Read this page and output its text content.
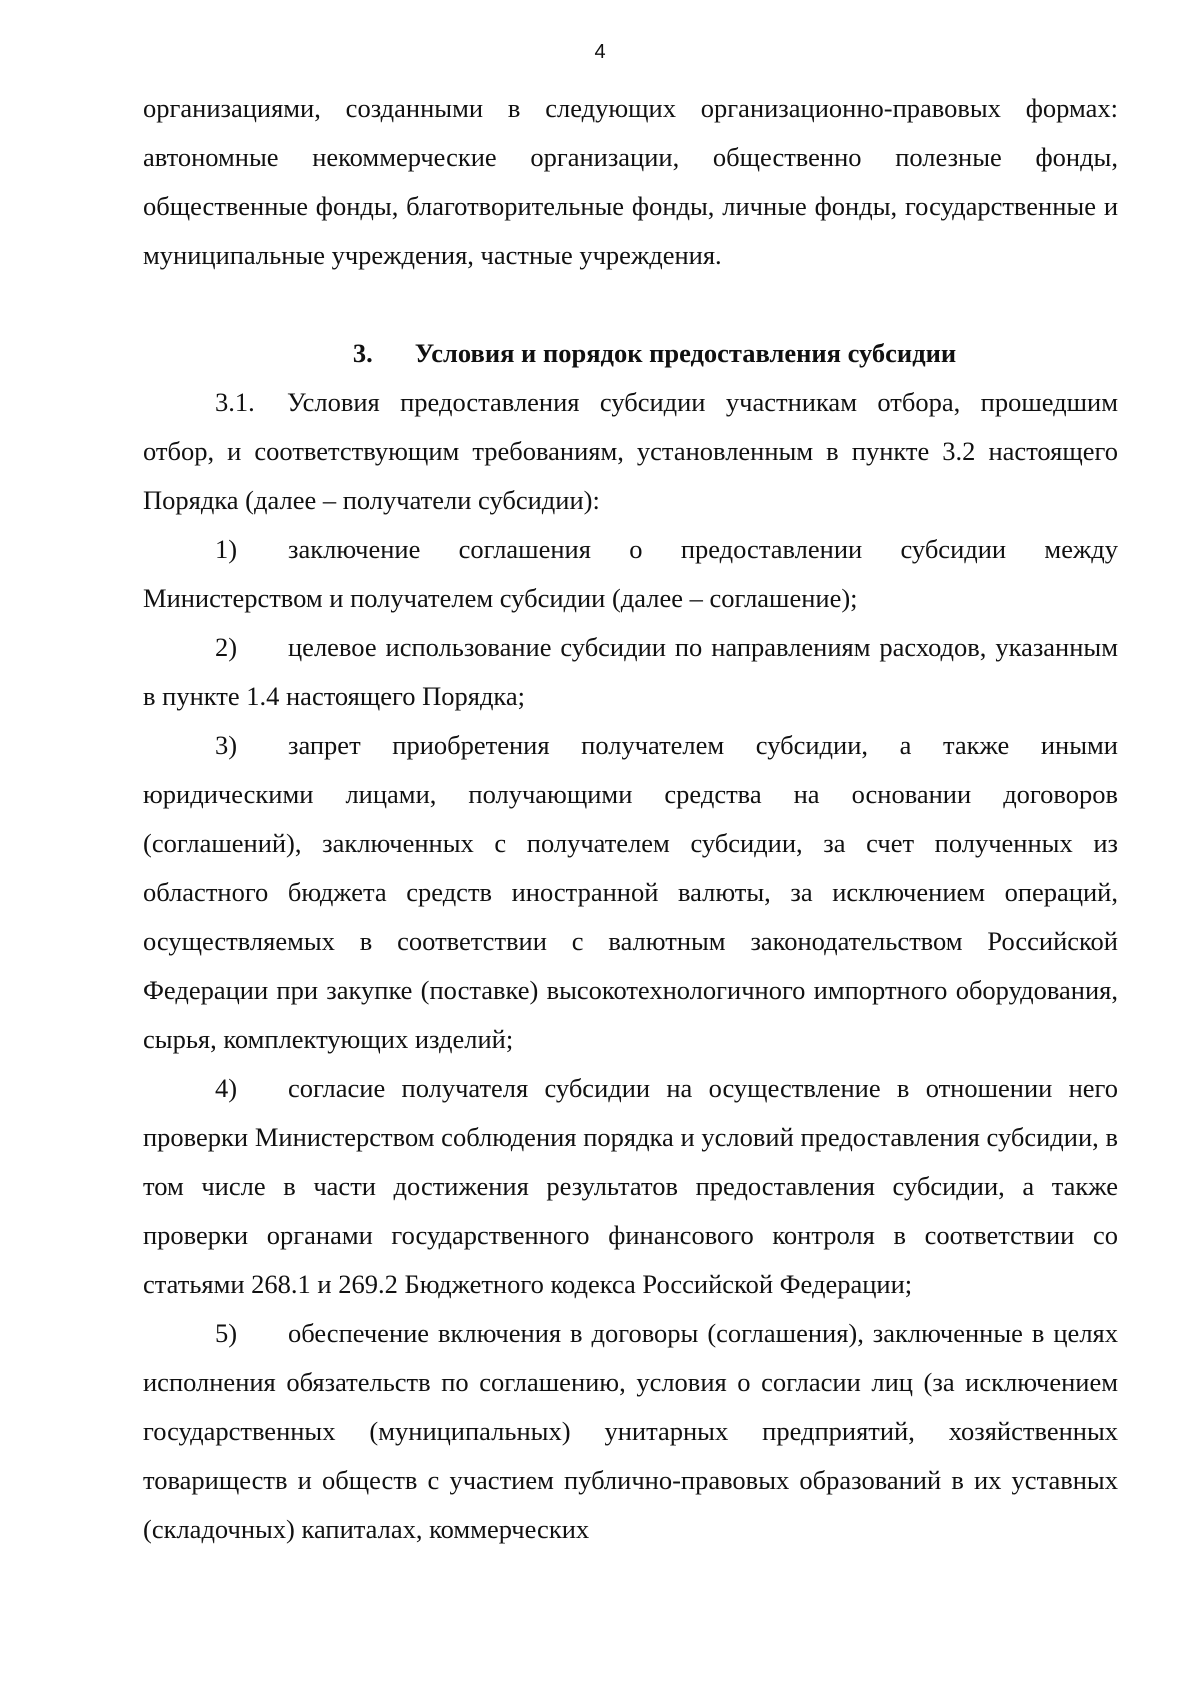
4

организациями, созданными в следующих организационно-правовых формах: автономные некоммерческие организации, общественно полезные фонды, общественные фонды, благотворительные фонды, личные фонды, государственные и муниципальные учреждения, частные учреждения.

3. Условия и порядок предоставления субсидии

3.1. Условия предоставления субсидии участникам отбора, прошедшим отбор, и соответствующим требованиям, установленным в пункте 3.2 настоящего Порядка (далее – получатели субсидии):

1) заключение соглашения о предоставлении субсидии между Министерством и получателем субсидии (далее – соглашение);

2) целевое использование субсидии по направлениям расходов, указанным в пункте 1.4 настоящего Порядка;

3) запрет приобретения получателем субсидии, а также иными юридическими лицами, получающими средства на основании договоров (соглашений), заключенных с получателем субсидии, за счет полученных из областного бюджета средств иностранной валюты, за исключением операций, осуществляемых в соответствии с валютным законодательством Российской Федерации при закупке (поставке) высокотехнологичного импортного оборудования, сырья, комплектующих изделий;

4) согласие получателя субсидии на осуществление в отношении него проверки Министерством соблюдения порядка и условий предоставления субсидии, в том числе в части достижения результатов предоставления субсидии, а также проверки органами государственного финансового контроля в соответствии со статьями 268.1 и 269.2 Бюджетного кодекса Российской Федерации;

5) обеспечение включения в договоры (соглашения), заключенные в целях исполнения обязательств по соглашению, условия о согласии лиц (за исключением государственных (муниципальных) унитарных предприятий, хозяйственных товариществ и обществ с участием публично-правовых образований в их уставных (складочных) капиталах, коммерческих
